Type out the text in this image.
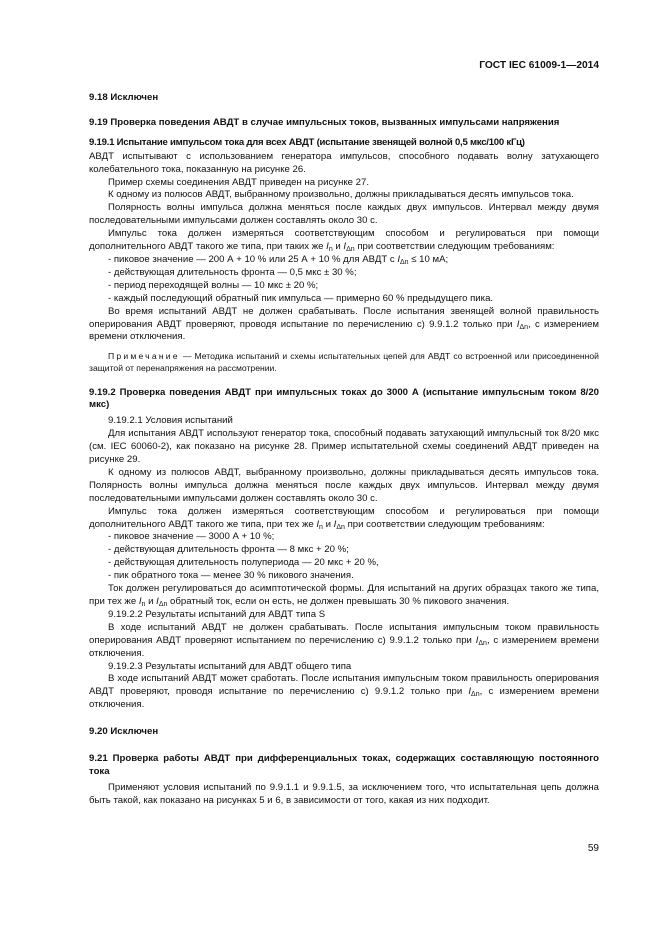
ГОСТ IEC 61009-1—2014

9.18 Исключен

9.19 Проверка поведения АВДТ в случае импульсных токов, вызванных импульсами напряжения

9.19.1 Испытание импульсом тока для всех АВДТ (испытание звенящей волной 0,5 мкс/100 кГц)

АВДТ испытывают с использованием генератора импульсов, способного подавать волну затухающего колебательного тока, показанную на рисунке 26.

Пример схемы соединения АВДТ приведен на рисунке 27.

К одному из полюсов АВДТ, выбранному произвольно, должны прикладываться десять импульсов тока.

Полярность волны импульса должна меняться после каждых двух импульсов. Интервал между двумя последовательными импульсами должен составлять около 30 с.

Импульс тока должен измеряться соответствующим способом и регулироваться при помощи дополнительного АВДТ такого же типа, при таких же $I_n$ и $I_{\Delta n}$ при соответствии следующим требованиям:

- пиковое значение — 200 А + 10 % или 25 А + 10 % для АВДТ с $I_{\Delta n} \le 10$ мА;

- действующая длительность фронта — 0,5 мкс ± 30 %;

- период переходящей волны — 10 мкс ± 20 %;

- каждый последующий обратный пик импульса — примерно 60 % предыдущего пика.

Во время испытаний АВДТ не должен срабатывать. После испытания звенящей волной правильность оперирования АВДТ проверяют, проводя испытание по перечислению с) 9.9.1.2 только при $I_{\Delta n}$, с измерением времени отключения.

Примечание — Методика испытаний и схемы испытательных цепей для АВДТ со встроенной или присоединенной защитой от перенапряжения на рассмотрении.

9.19.2 Проверка поведения АВДТ при импульсных токах до 3000 А (испытание импульсным током 8/20 мкс)

9.19.2.1 Условия испытаний

Для испытания АВДТ используют генератор тока, способный подавать затухающий импульсный ток 8/20 мкс (см. IEC 60060-2), как показано на рисунке 28. Пример испытательной схемы соединений АВДТ приведен на рисунке 29.

К одному из полюсов АВДТ, выбранному произвольно, должны прикладываться десять импульсов тока. Полярность волны импульса должна меняться после каждых двух импульсов. Интервал между двумя последовательными импульсами должен составлять около 30 с.

Импульс тока должен измеряться соответствующим способом и регулироваться при помощи дополнительного АВДТ такого же типа, при тех же $I_n$ и $I_{\Delta n}$ при соответствии следующим требованиям:

- пиковое значение — 3000 А + 10 %;

- действующая длительность фронта — 8 мкс + 20 %;

- действующая длительность полупериода — 20 мкс + 20 %,

- пик обратного тока — менее 30 % пикового значения.

Ток должен регулироваться до асимптотической формы. Для испытаний на других образцах такого же типа, при тех же $I_n$ и $I_{\Delta n}$ обратный ток, если он есть, не должен превышать 30 % пикового значения.

9.19.2.2 Результаты испытаний для АВДТ типа S

В ходе испытаний АВДТ не должен срабатывать. После испытания импульсным током правильность оперирования АВДТ проверяют испытанием по перечислению с) 9.9.1.2 только при $I_{\Delta n}$, с измерением времени отключения.

9.19.2.3 Результаты испытаний для АВДТ общего типа

В ходе испытаний АВДТ может сработать. После испытания импульсным током правильность оперирования АВДТ проверяют, проводя испытание по перечислению с) 9.9.1.2 только при $I_{\Delta n}$, с измерением времени отключения.

9.20 Исключен

9.21 Проверка работы АВДТ при дифференциальных токах, содержащих составляющую постоянного тока

Применяют условия испытаний по 9.9.1.1 и 9.9.1.5, за исключением того, что испытательная цепь должна быть такой, как показано на рисунках 5 и 6, в зависимости от того, какая из них подходит.

59
